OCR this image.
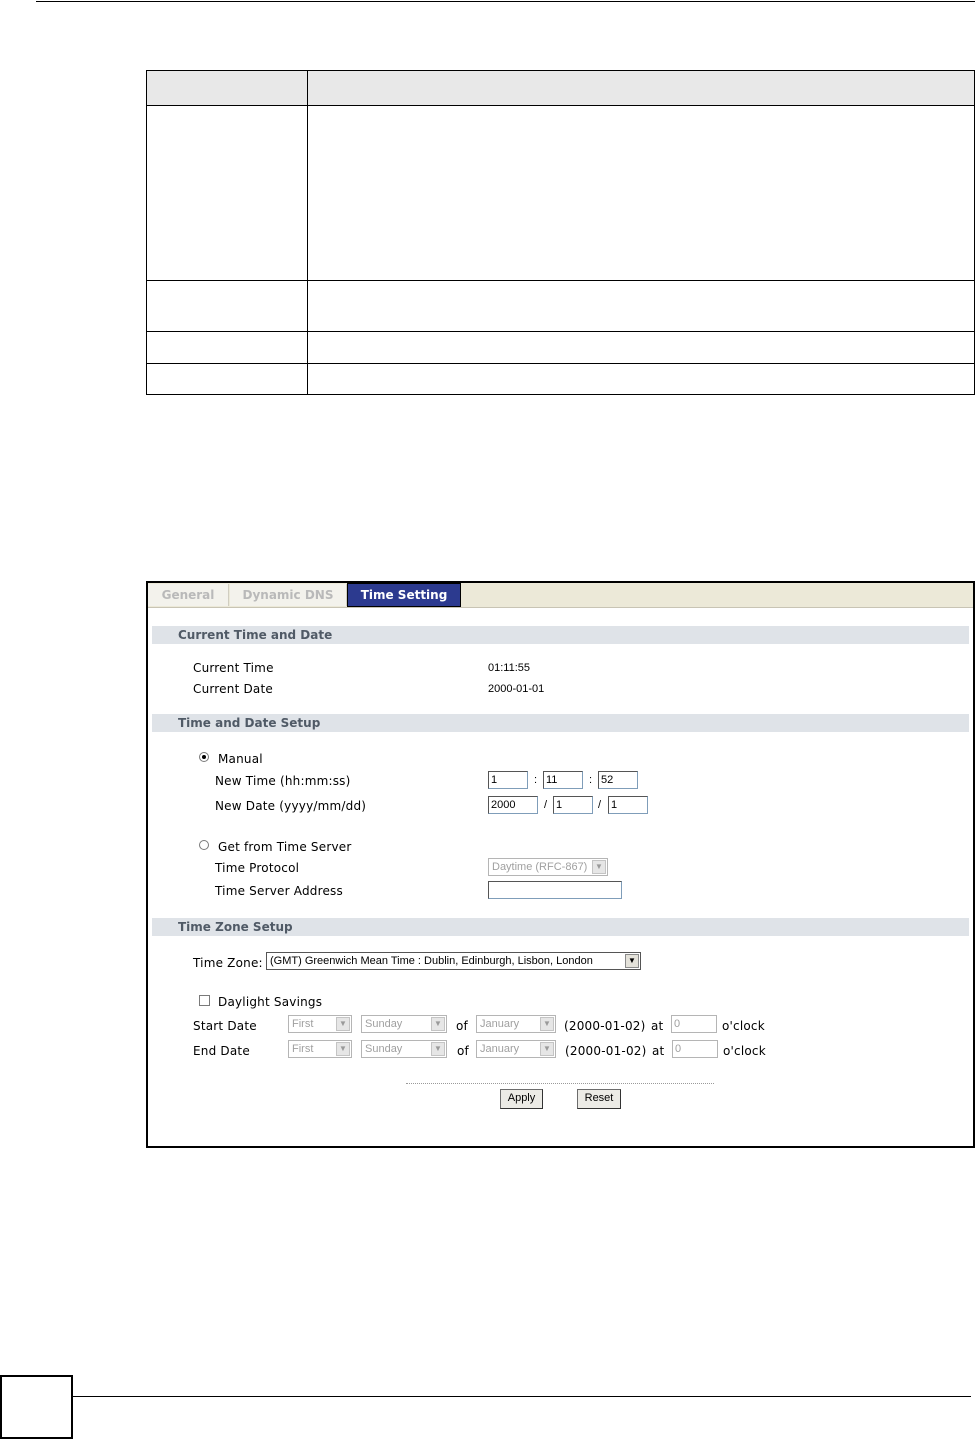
General	Dynamic DNS	Time Setting
Current Time and Date
Current Time	01:11:55
Current Date	2000-01-01
Time and Date Setup
Manual
New Time (hh:mm:ss)	1	: 11	: 52
New Date (yyyy/mm/dd)	2000	/ 1	/ 1
Get from Time Server
Time Protocol	Daytime (RFC-867) ▼
Time Server Address
Time Zone Setup
Time Zone: (GMT) Greenwich Mean Time : Dublin, Edinburgh, Lisbon, London	▼
Daylight Savings
Start Date	First	▼	Sunday	▼ of	January	▼ (2000-01-02) at 0	o'clock
End Date	First	▼	Sunday	▼ of	January	▼ (2000-01-02) at 0	o'clock
Apply	Reset
